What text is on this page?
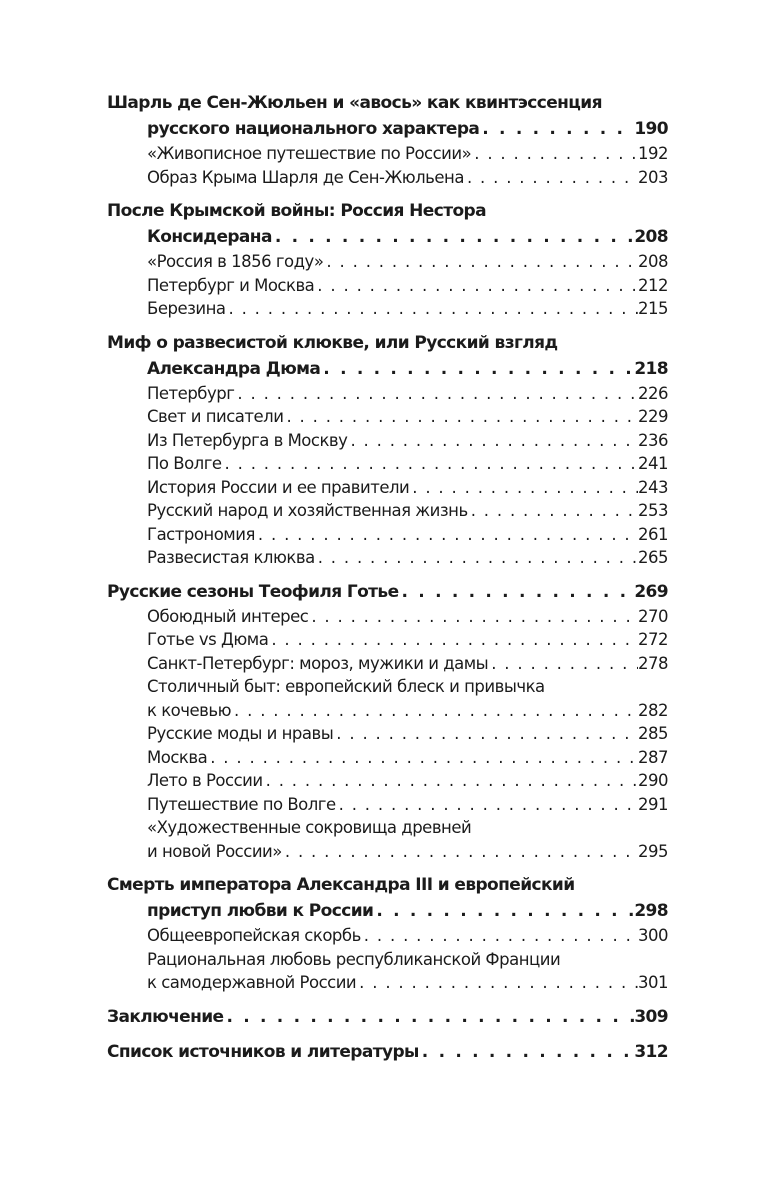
Шарль де Сен-Жюльен и «авось» как квинтэссенция
русского национального характера . . .	190
«Живописное путешествие по России» . . .	192
Образ Крыма Шарля де Сен-Жюльена . . .	203
После Крымской войны: Россия Нестора
Консидерана . . .	208
«Россия в 1856 году» . . .	208
Петербург и Москва . . .	212
Березина . . .	215
Миф о развесистой клюкве, или Русский взгляд
Александра Дюма . . .	218
Петербург . . .	226
Свет и писатели . . .	229
Из Петербурга в Москву . . .	236
По Волге . . .	241
История России и ее правители . . .	243
Русский народ и хозяйственная жизнь . . .	253
Гастрономия . . .	261
Развесистая клюква . . .	265
Русские сезоны Теофиля Готье . . .	269
Обоюдный интерес . . .	270
Готье vs Дюма . . .	272
Санкт-Петербург: мороз, мужики и дамы . . .	278
Столичный быт: европейский блеск и привычка
к кочевью . . .	282
Русские моды и нравы . . .	285
Москва . . .	287
Лето в России . . .	290
Путешествие по Волге . . .	291
«Художественные сокровища древней
и новой России» . . .	295
Смерть императора Александра III и европейский
приступ любви к России . . .	298
Общеевропейская скорбь . . .	300
Рациональная любовь республиканской Франции
к самодержавной России . . .	301
Заключение . . .	309
Список источников и литературы . . .	312
